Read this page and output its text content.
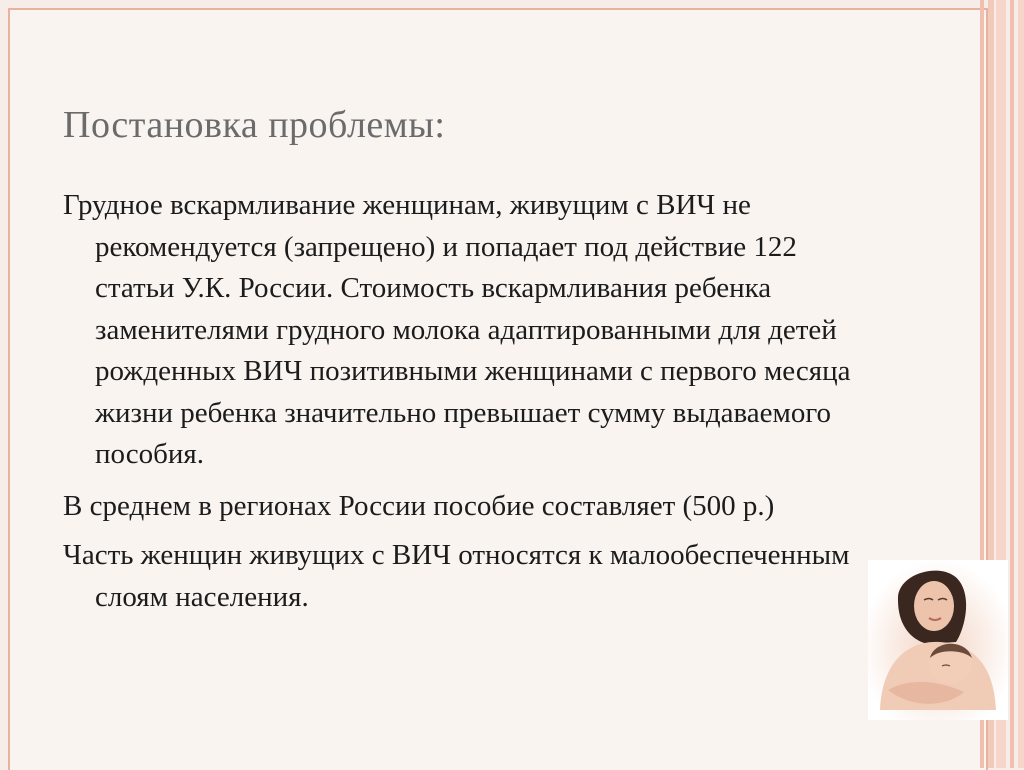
Постановка проблемы:

Грудное вскармливание женщинам, живущим с ВИЧ не рекомендуется (запрещено) и попадает под действие 122 статьи У.К. России. Стоимость вскармливания ребенка заменителями грудного молока адаптированными для детей рожденных ВИЧ позитивными женщинами с первого месяца жизни ребенка значительно превышает сумму выдаваемого пособия.

В среднем в регионах России пособие составляет (500 р.)

Часть женщин живущих с ВИЧ относятся к малообеспеченным слоям населения.
